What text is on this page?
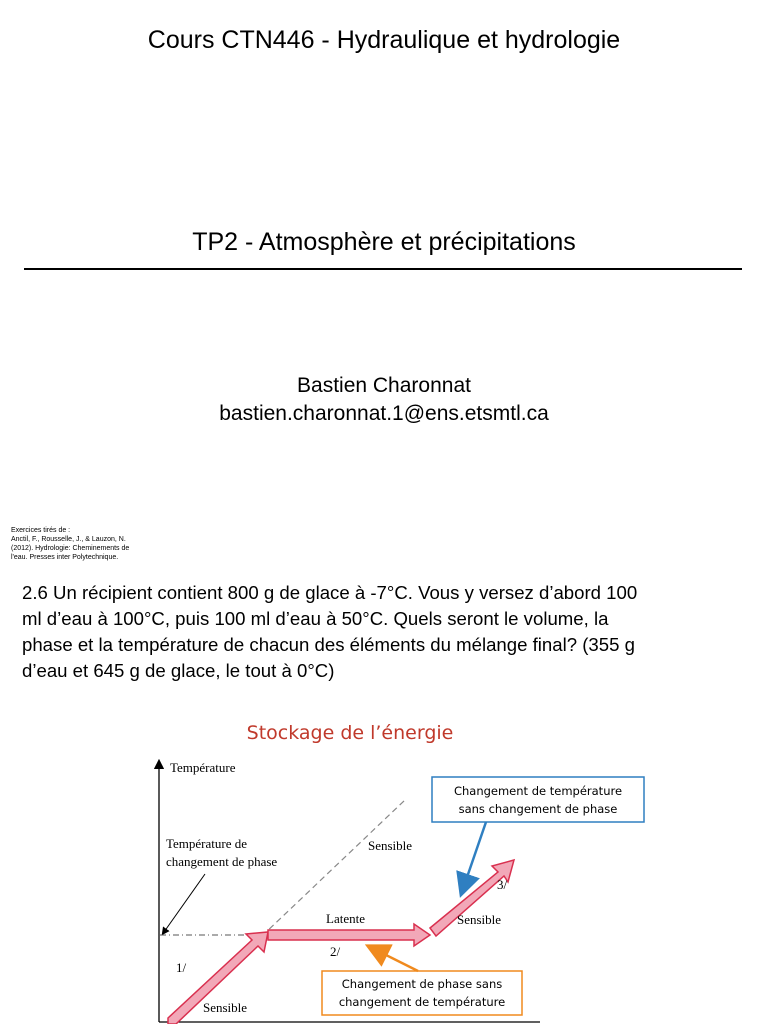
Cours CTN446 - Hydraulique et hydrologie
TP2 - Atmosphère et précipitations
Bastien Charonnat
bastien.charonnat.1@ens.etsmtl.ca
Exercices tirés de :
Anctil, F., Rousselle, J., & Lauzon, N.
(2012). Hydrologie: Cheminements de
l'eau. Presses inter Polytechnique.
2.6 Un récipient contient 800 g de glace à -7°C. Vous y versez d’abord 100
ml d’eau à 100°C, puis 100 ml d’eau à 50°C. Quels seront le volume, la
phase et la température de chacun des éléments du mélange final? (355 g
d’eau et 645 g de glace, le tout à 0°C)
Stockage de l’énergie
Température
Température de
changement de phase
Sensible
1/
Sensible
Latente
2/
3/
Sensible
Changement de température
sans changement de phase
Changement de phase sans
changement de température
